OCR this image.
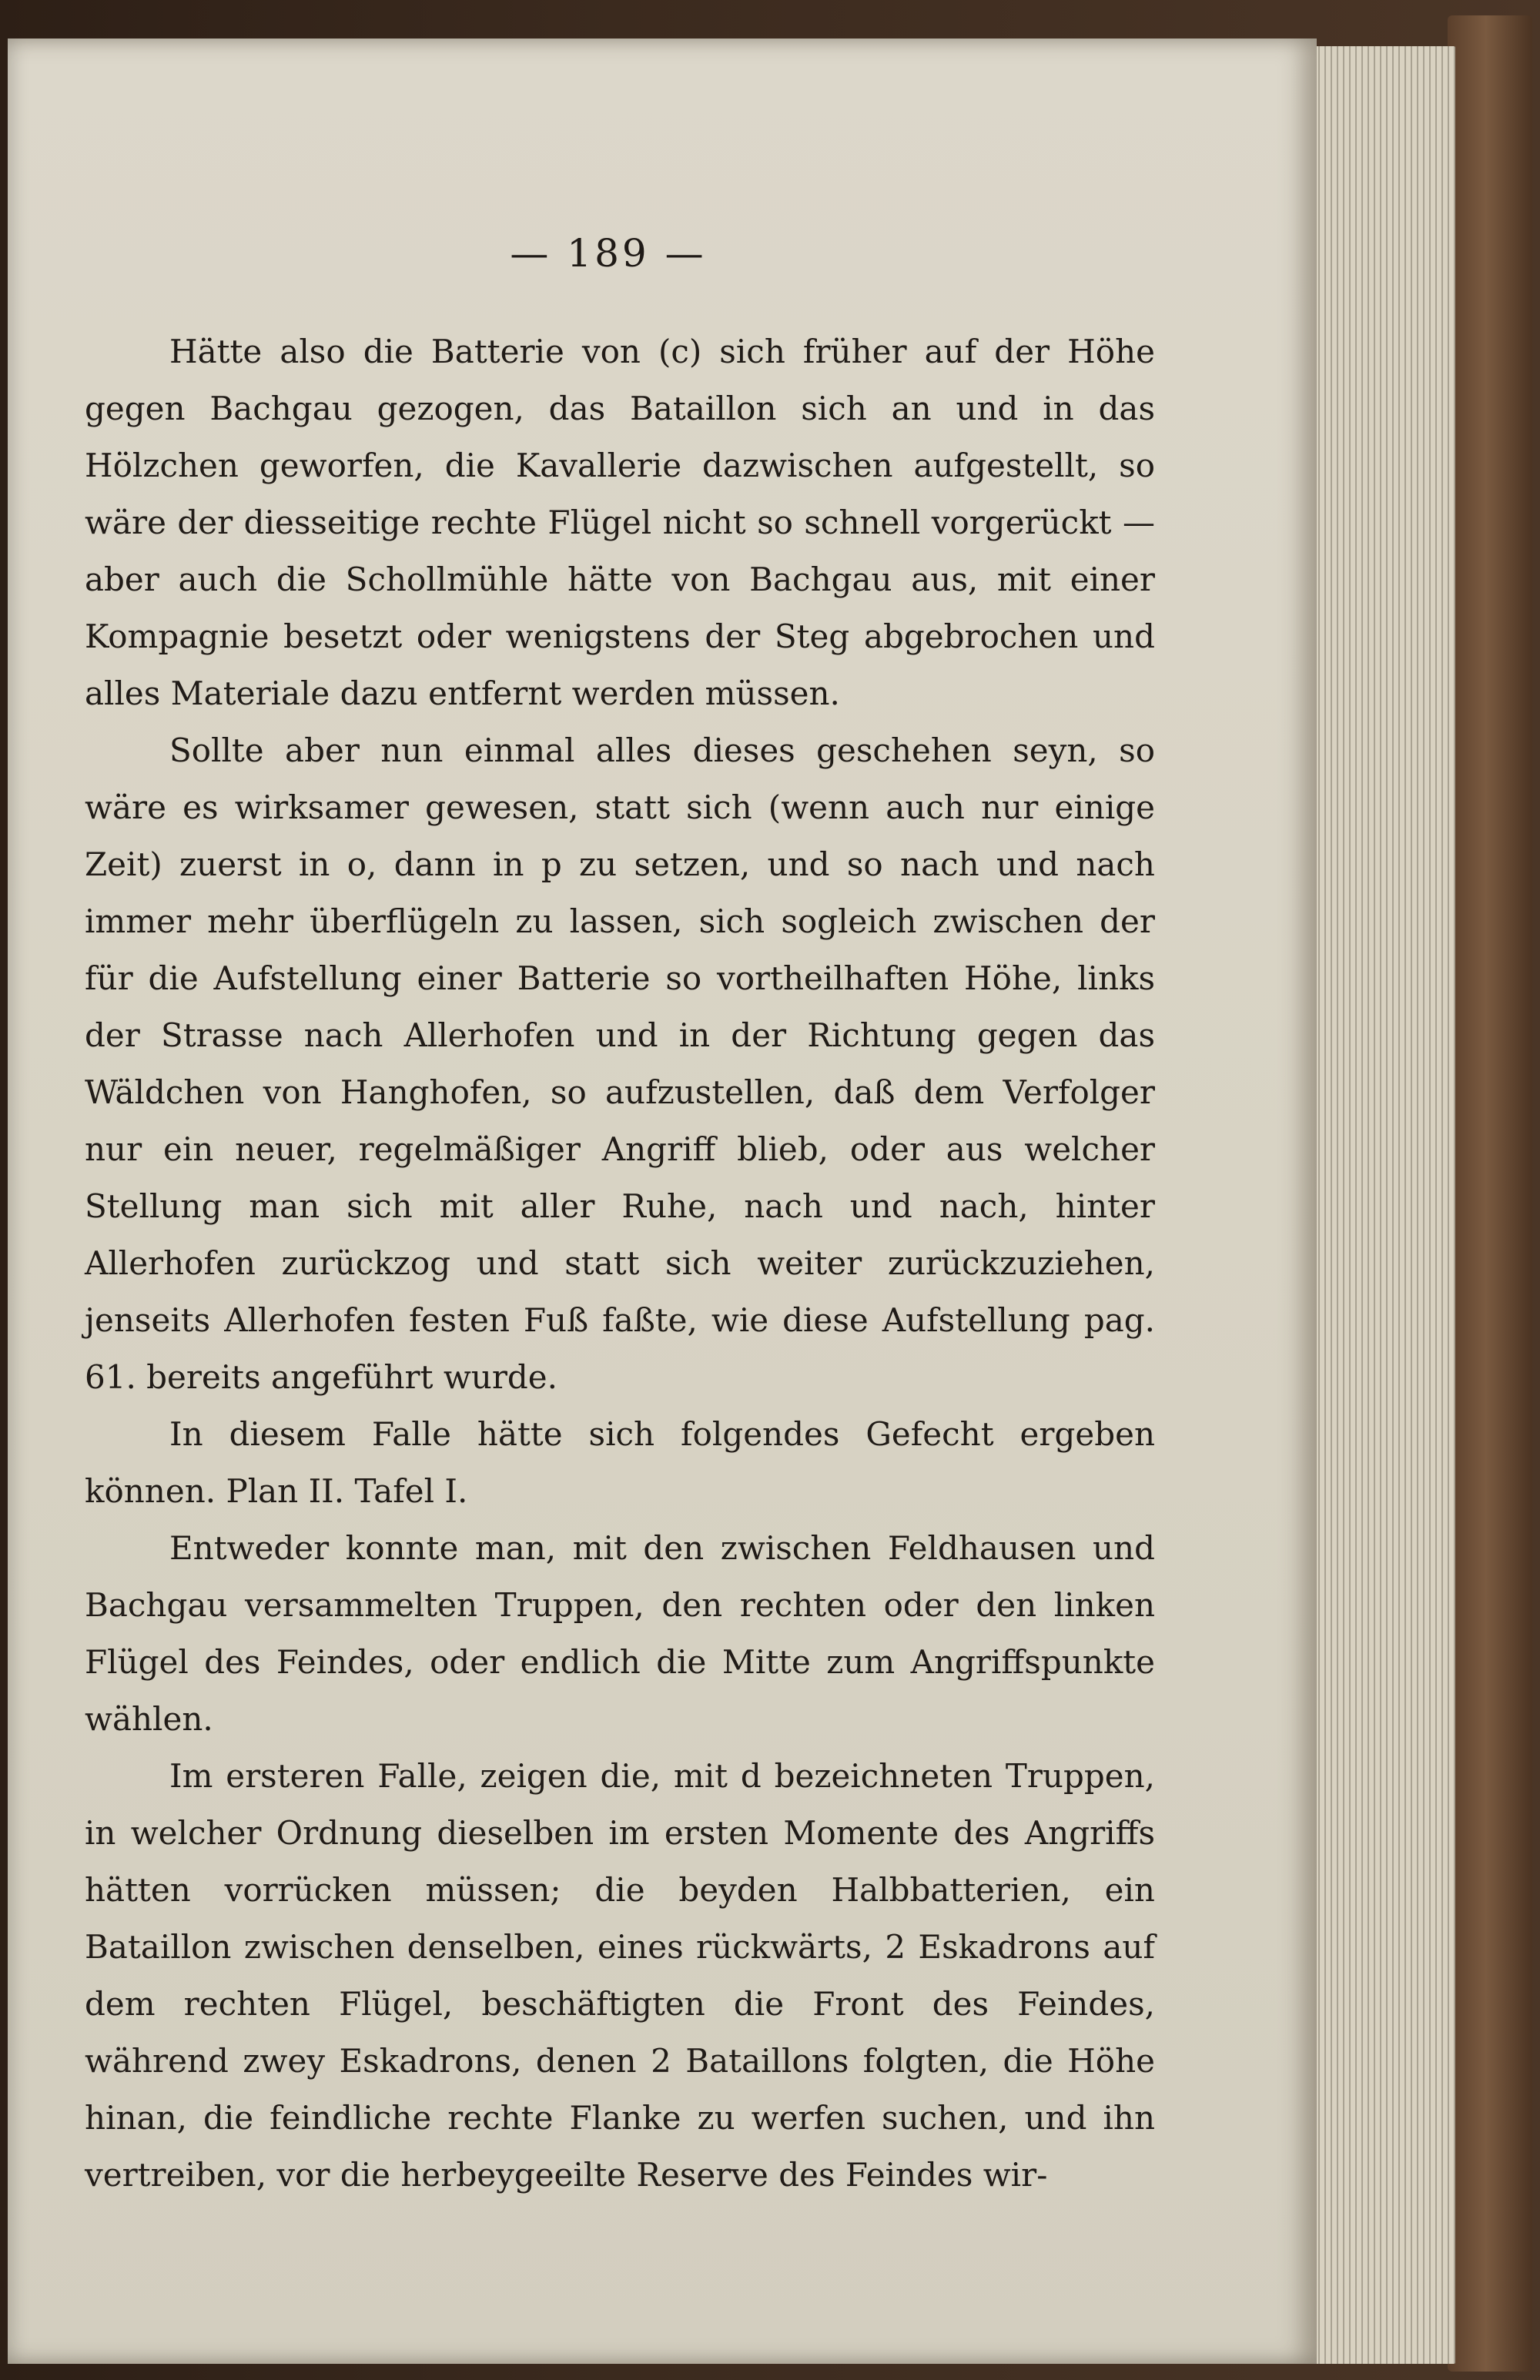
— 189 —

Hätte also die Batterie von (c) sich früher auf der Höhe gegen Bachgau gezogen, das Bataillon sich an und in das Hölzchen geworfen, die Kavallerie dazwischen aufgestellt, so wäre der diesseitige rechte Flügel nicht so schnell vorgerückt — aber auch die Schollmühle hätte von Bachgau aus, mit einer Kompagnie besetzt oder wenigstens der Steg abgebrochen und alles Materiale dazu entfernt werden müssen.

Sollte aber nun einmal alles dieses geschehen seyn, so wäre es wirksamer gewesen, statt sich (wenn auch nur einige Zeit) zuerst in o, dann in p zu setzen, und so nach und nach immer mehr überflügeln zu lassen, sich sogleich zwischen der für die Aufstellung einer Batterie so vortheilhaften Höhe, links der Strasse nach Allerhofen und in der Richtung gegen das Wäldchen von Hanghofen, so aufzustellen, daß dem Verfolger nur ein neuer, regelmäßiger Angriff blieb, oder aus welcher Stellung man sich mit aller Ruhe, nach und nach, hinter Allerhofen zurückzog und statt sich weiter zurückzuziehen, jenseits Allerhofen festen Fuß faßte, wie diese Aufstellung pag. 61. bereits angeführt wurde.

In diesem Falle hätte sich folgendes Gefecht ergeben können. Plan II. Tafel I.

Entweder konnte man, mit den zwischen Feldhausen und Bachgau versammelten Truppen, den rechten oder den linken Flügel des Feindes, oder endlich die Mitte zum Angriffspunkte wählen.

Im ersteren Falle, zeigen die, mit d bezeichneten Truppen, in welcher Ordnung dieselben im ersten Momente des Angriffs hätten vorrücken müssen; die beyden Halbbatterien, ein Bataillon zwischen denselben, eines rückwärts, 2 Eskadrons auf dem rechten Flügel, beschäftigten die Front des Feindes, während zwey Eskadrons, denen 2 Bataillons folgten, die Höhe hinan, die feindliche rechte Flanke zu werfen suchen, und ihn vertreiben, vor die herbeygeeilte Reserve des Feindes wir-
